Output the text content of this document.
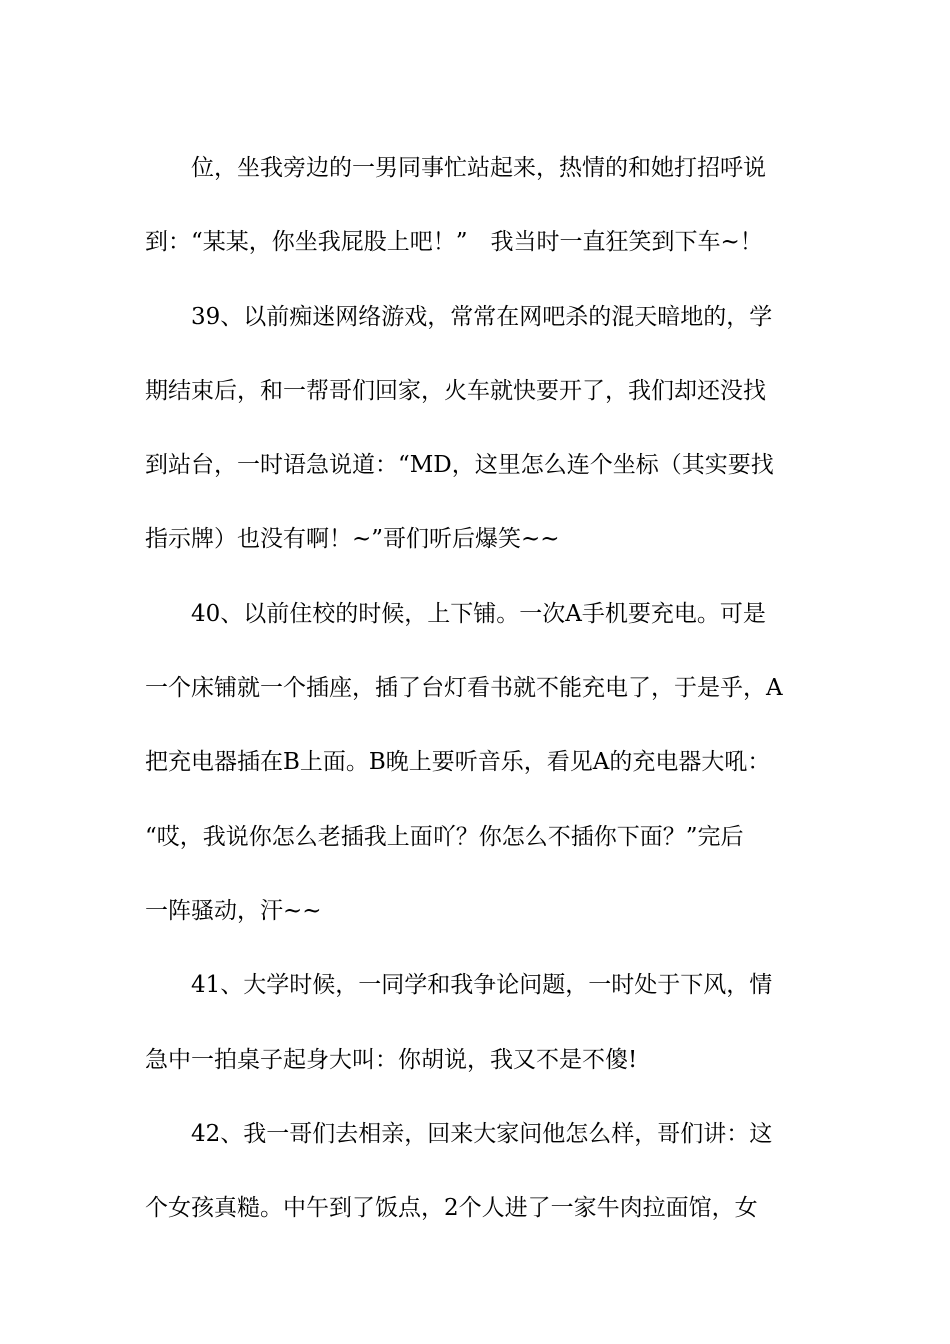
位，坐我旁边的一男同事忙站起来，热情的和她打招呼说
到：“某某，你坐我屁股上吧！”　我当时一直狂笑到下车~！

39、以前痴迷网络游戏，常常在网吧杀的混天暗地的，学
期结束后，和一帮哥们回家，火车就快要开了，我们却还没找
到站台，一时语急说道：“MD，这里怎么连个坐标（其实要找
指示牌）也没有啊！~”哥们听后爆笑~~

40、以前住校的时候，上下铺。一次A手机要充电。可是
一个床铺就一个插座，插了台灯看书就不能充电了，于是乎，A
把充电器插在B上面。B晚上要听音乐，看见A的充电器大吼：
“哎，我说你怎么老插我上面吖？你怎么不插你下面？”完后
一阵骚动，汗~~

41、大学时候，一同学和我争论问题，一时处于下风，情
急中一拍桌子起身大叫：你胡说，我又不是不傻!

42、我一哥们去相亲，回来大家问他怎么样，哥们讲：这
个女孩真糙。中午到了饭点，2个人进了一家牛肉拉面馆，女
